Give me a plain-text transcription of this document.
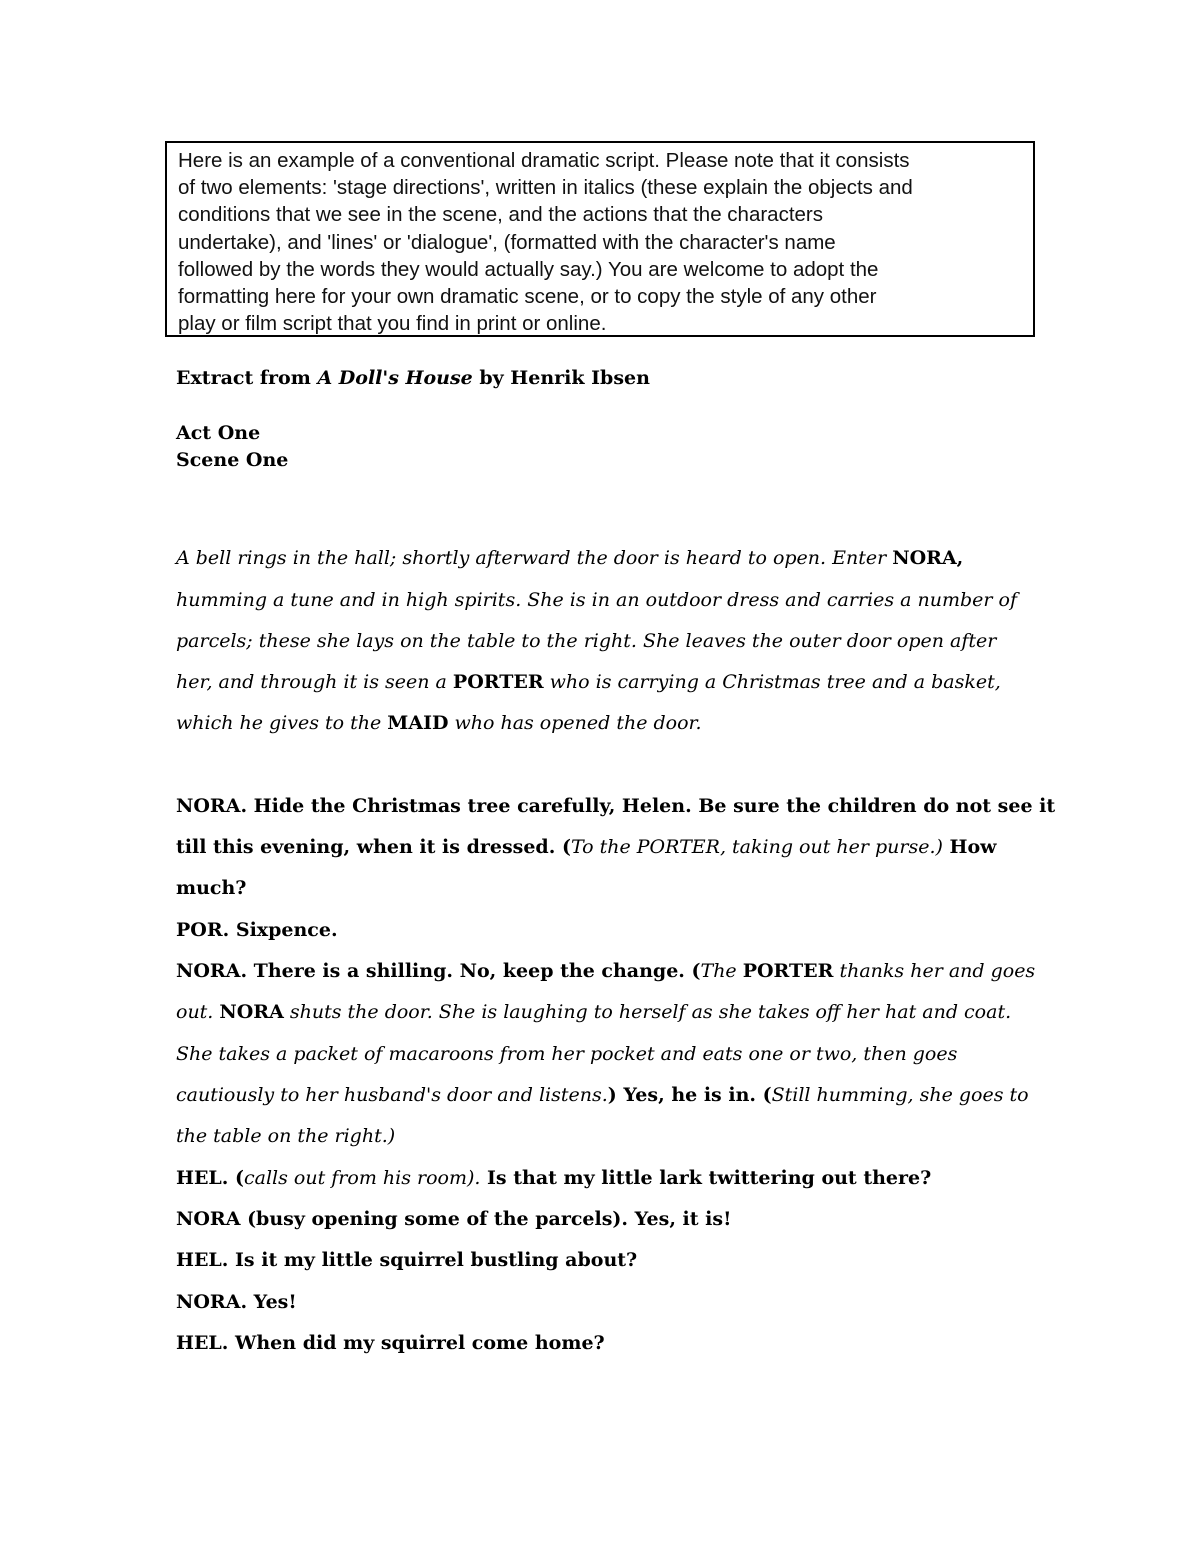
Here is an example of a conventional dramatic script. Please note that it consists
of two elements: 'stage directions', written in italics (these explain the objects and
conditions that we see in the scene, and the actions that the characters
undertake), and 'lines' or 'dialogue', (formatted with the character's name
followed by the words they would actually say.) You are welcome to adopt the
formatting here for your own dramatic scene, or to copy the style of any other
play or film script that you find in print or online.
Extract from A Doll's House by Henrik Ibsen
Act One
Scene One
A bell rings in the hall; shortly afterward the door is heard to open. Enter NORA,
humming a tune and in high spirits. She is in an outdoor dress and carries a number of
parcels; these she lays on the table to the right. She leaves the outer door open after
her, and through it is seen a PORTER who is carrying a Christmas tree and a basket,
which he gives to the MAID who has opened the door.
NORA. Hide the Christmas tree carefully, Helen. Be sure the children do not see it
till this evening, when it is dressed. (To the PORTER, taking out her purse.) How
much?
POR. Sixpence.
NORA. There is a shilling. No, keep the change. (The PORTER thanks her and goes
out. NORA shuts the door. She is laughing to herself as she takes off her hat and coat.
She takes a packet of macaroons from her pocket and eats one or two, then goes
cautiously to her husband's door and listens.) Yes, he is in. (Still humming, she goes to
the table on the right.)
HEL. (calls out from his room). Is that my little lark twittering out there?
NORA (busy opening some of the parcels). Yes, it is!
HEL. Is it my little squirrel bustling about?
NORA. Yes!
HEL. When did my squirrel come home?
